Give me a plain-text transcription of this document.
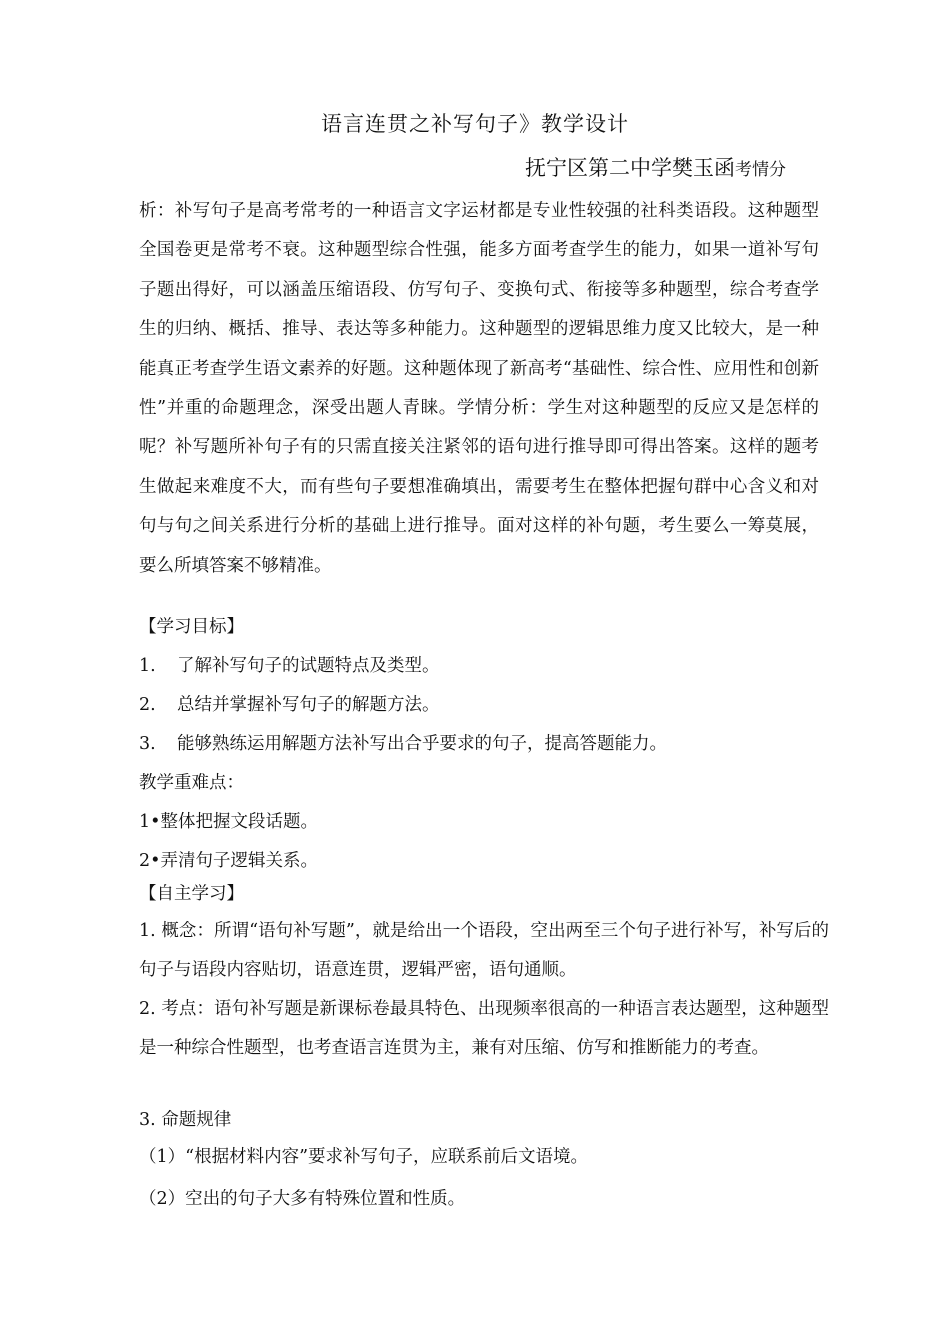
语言连贯之补写句子》教学设计
抚宁区第二中学樊玉函考情分

析：补写句子是高考常考的一种语言文字运材都是专业性较强的社科类语段。这种题型全国卷更是常考不衰。这种题型综合性强，能多方面考查学生的能力，如果一道补写句子题出得好，可以涵盖压缩语段、仿写句子、变换句式、衔接等多种题型，综合考查学生的归纳、概括、推导、表达等多种能力。这种题型的逻辑思维力度又比较大，是一种能真正考查学生语文素养的好题。这种题体现了新高考“基础性、综合性、应用性和创新性”并重的命题理念，深受出题人青睐。学情分析：学生对这种题型的反应又是怎样的呢？补写题所补句子有的只需直接关注紧邻的语句进行推导即可得出答案。这样的题考生做起来难度不大，而有些句子要想准确填出，需要考生在整体把握句群中心含义和对句与句之间关系进行分析的基础上进行推导。面对这样的补句题，考生要么一筹莫展，要么所填答案不够精准。

【学习目标】
1. 了解补写句子的试题特点及类型。
2. 总结并掌握补写句子的解题方法。
3. 能够熟练运用解题方法补写出合乎要求的句子，提高答题能力。
教学重难点：
1•整体把握文段话题。
2•弄清句子逻辑关系。
【自主学习】
1. 概念：所谓“语句补写题”，就是给出一个语段，空出两至三个句子进行补写，补写后的句子与语段内容贴切，语意连贯，逻辑严密，语句通顺。
2. 考点：语句补写题是新课标卷最具特色、出现频率很高的一种语言表达题型，这种题型是一种综合性题型，也考查语言连贯为主，兼有对压缩、仿写和推断能力的考查。
3. 命题规律
（1）“根据材料内容”要求补写句子，应联系前后文语境。
（2）空出的句子大多有特殊位置和性质。
